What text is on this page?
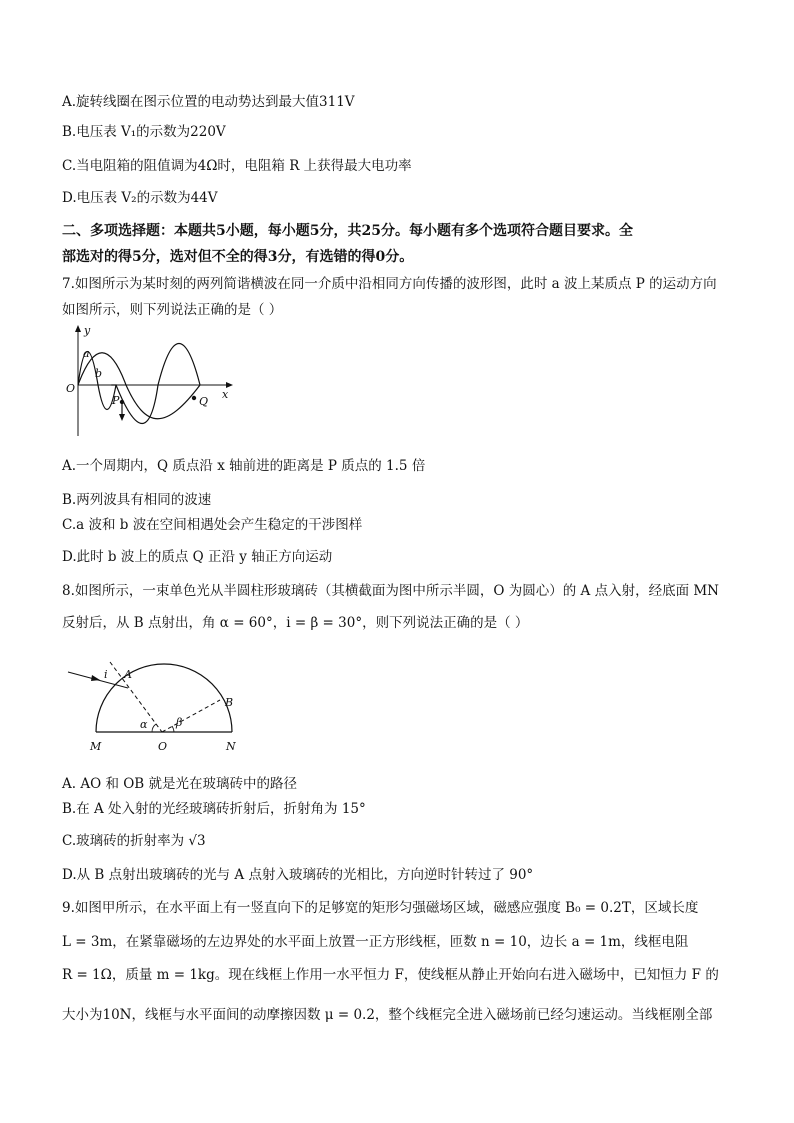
A.旋转线圈在图示位置的电动势达到最大值311V
B.电压表 V₁的示数为220V
C.当电阻箱的阻值调为4Ω时，电阻箱 R 上获得最大电功率
D.电压表 V₂的示数为44V
二、多项选择题：本题共5小题，每小题5分，共25分。每小题有多个选项符合题目要求。全
部选对的得5分，选对但不全的得3分，有选错的得0分。
7.如图所示为某时刻的两列简谐横波在同一介质中沿相同方向传播的波形图，此时 a 波上某质点 P 的运动方向
如图所示，则下列说法正确的是（ ）
y
x
O
a
b
P	Q
A.一个周期内，Q 质点沿 x 轴前进的距离是 P 质点的 1.5 倍
B.两列波具有相同的波速
C.a 波和 b 波在空间相遇处会产生稳定的干涉图样
D.此时 b 波上的质点 Q 正沿 y 轴正方向运动
8.如图所示，一束单色光从半圆柱形玻璃砖（其横截面为图中所示半圆，O 为圆心）的 A 点入射，经底面 MN
反射后，从 B 点射出，角 α = 60°，i = β = 30°，则下列说法正确的是（ ）
i A
B
M	O	N
α	β
A. AO 和 OB 就是光在玻璃砖中的路径
B.在 A 处入射的光经玻璃砖折射后，折射角为 15°
C.玻璃砖的折射率为 √3
D.从 B 点射出玻璃砖的光与 A 点射入玻璃砖的光相比，方向逆时针转过了 90°
9.如图甲所示，在水平面上有一竖直向下的足够宽的矩形匀强磁场区域，磁感应强度 B₀ = 0.2T，区域长度
L = 3m，在紧靠磁场的左边界处的水平面上放置一正方形线框，匝数 n = 10，边长 a = 1m，线框电阻
R = 1Ω，质量 m = 1kg。现在线框上作用一水平恒力 F，使线框从静止开始向右进入磁场中，已知恒力 F 的
大小为10N，线框与水平面间的动摩擦因数 μ = 0.2，整个线框完全进入磁场前已经匀速运动。当线框刚全部
